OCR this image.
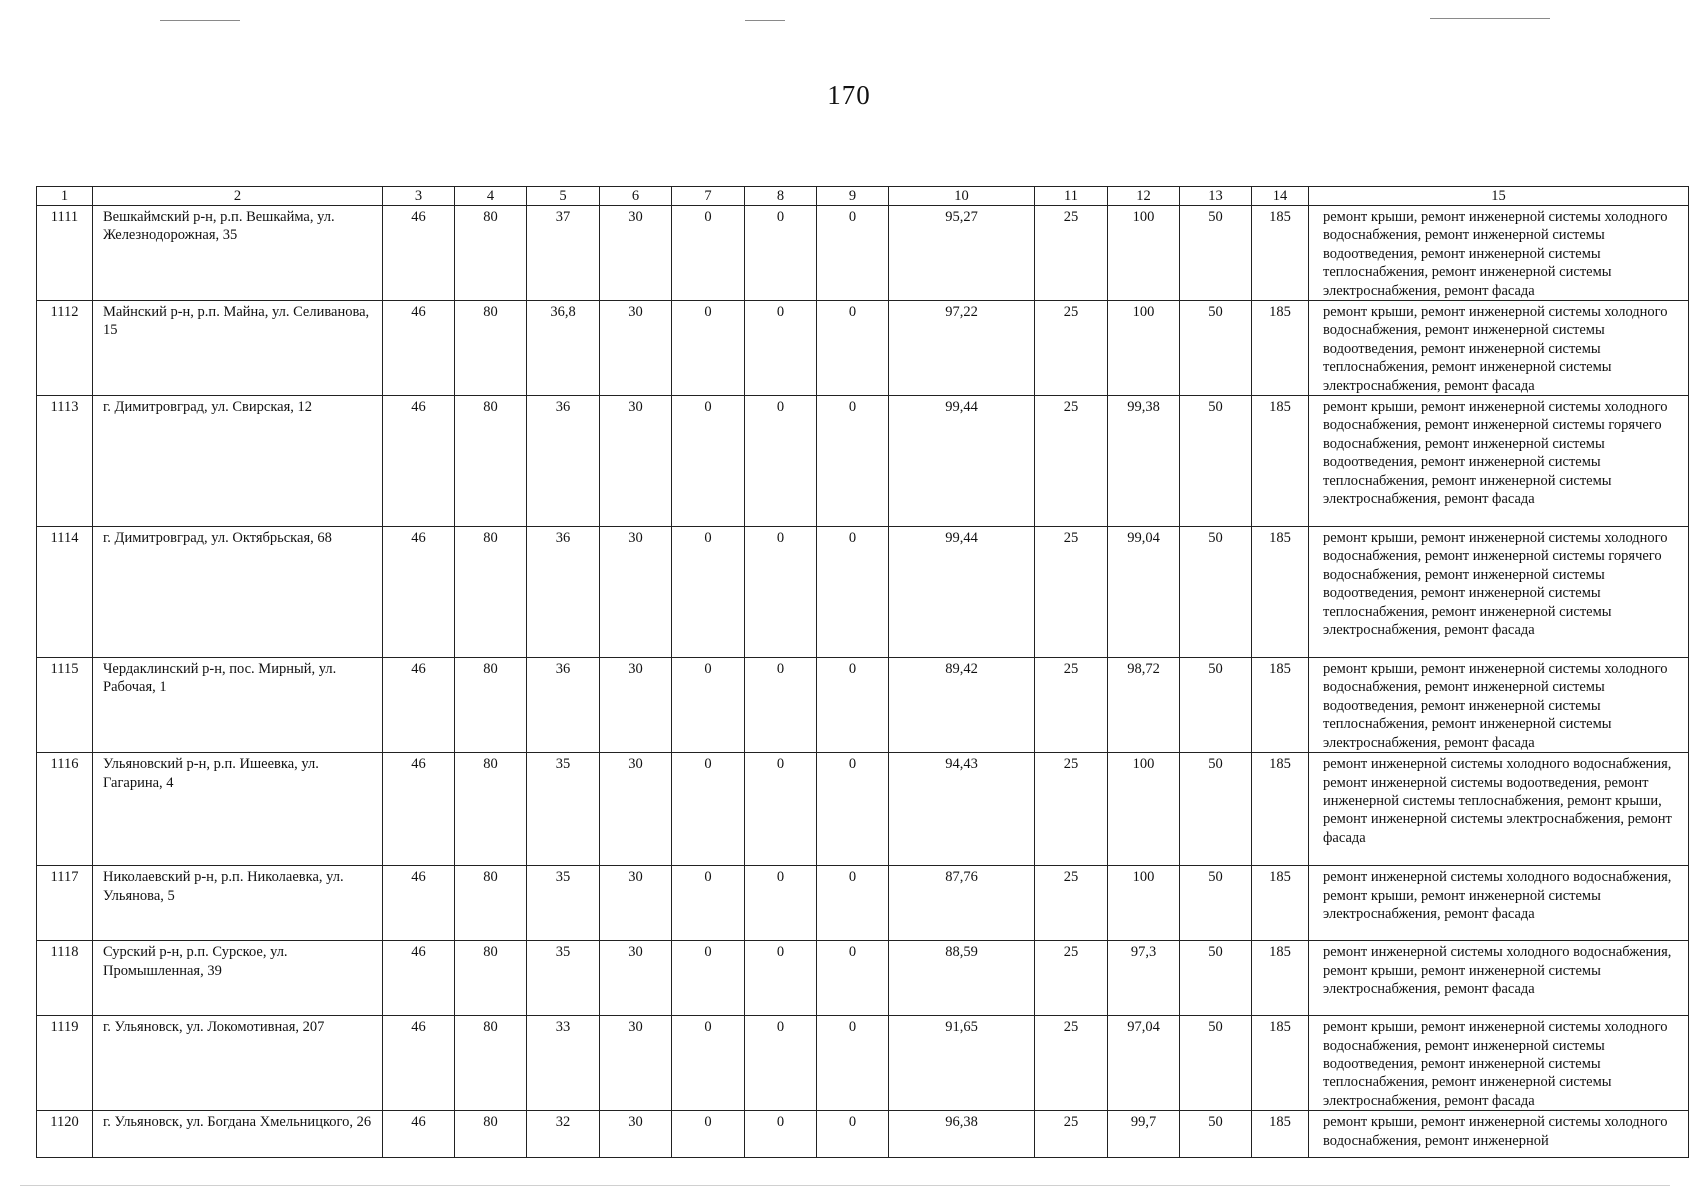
170
1	2	3	4	5	6	7	8	9	10	11	12	13	14	15
1111	Вешкаймский р-н, р.п. Вешкайма, ул. Железнодорожная, 35	46	80	37	30	0	0	0	95,27	25	100	50	185	ремонт крыши, ремонт инженерной системы холодного водоснабжения, ремонт инженерной системы водоотведения, ремонт инженерной системы теплоснабжения, ремонт инженерной системы электроснабжения, ремонт фасада
1112	Майнский р-н, р.п. Майна, ул. Селиванова, 15	46	80	36,8	30	0	0	0	97,22	25	100	50	185	ремонт крыши, ремонт инженерной системы холодного водоснабжения, ремонт инженерной системы водоотведения, ремонт инженерной системы теплоснабжения, ремонт инженерной системы электроснабжения, ремонт фасада
1113	г. Димитровград, ул. Свирская, 12	46	80	36	30	0	0	0	99,44	25	99,38	50	185	ремонт крыши, ремонт инженерной системы холодного водоснабжения, ремонт инженерной системы горячего водоснабжения, ремонт инженерной системы водоотведения, ремонт инженерной системы теплоснабжения, ремонт инженерной системы электроснабжения, ремонт фасада
1114	г. Димитровград, ул. Октябрьская, 68	46	80	36	30	0	0	0	99,44	25	99,04	50	185	ремонт крыши, ремонт инженерной системы холодного водоснабжения, ремонт инженерной системы горячего водоснабжения, ремонт инженерной системы водоотведения, ремонт инженерной системы теплоснабжения, ремонт инженерной системы электроснабжения, ремонт фасада
1115	Чердаклинский р-н, пос. Мирный, ул. Рабочая, 1	46	80	36	30	0	0	0	89,42	25	98,72	50	185	ремонт крыши, ремонт инженерной системы холодного водоснабжения, ремонт инженерной системы водоотведения, ремонт инженерной системы теплоснабжения, ремонт инженерной системы электроснабжения, ремонт фасада
1116	Ульяновский р-н, р.п. Ишеевка, ул. Гагарина, 4	46	80	35	30	0	0	0	94,43	25	100	50	185	ремонт инженерной системы холодного водоснабжения, ремонт инженерной системы водоотведения, ремонт инженерной системы теплоснабжения, ремонт крыши, ремонт инженерной системы электроснабжения, ремонт фасада
1117	Николаевский р-н, р.п. Николаевка, ул. Ульянова, 5	46	80	35	30	0	0	0	87,76	25	100	50	185	ремонт инженерной системы холодного водоснабжения, ремонт крыши, ремонт инженерной системы электроснабжения, ремонт фасада
1118	Сурский р-н, р.п. Сурское, ул. Промышленная, 39	46	80	35	30	0	0	0	88,59	25	97,3	50	185	ремонт инженерной системы холодного водоснабжения, ремонт крыши, ремонт инженерной системы электроснабжения, ремонт фасада
1119	г. Ульяновск, ул. Локомотивная, 207	46	80	33	30	0	0	0	91,65	25	97,04	50	185	ремонт крыши, ремонт инженерной системы холодного водоснабжения, ремонт инженерной системы водоотведения, ремонт инженерной системы теплоснабжения, ремонт инженерной системы электроснабжения, ремонт фасада
1120	г. Ульяновск, ул. Богдана Хмельницкого, 26	46	80	32	30	0	0	0	96,38	25	99,7	50	185	ремонт крыши, ремонт инженерной системы холодного водоснабжения, ремонт инженерной
